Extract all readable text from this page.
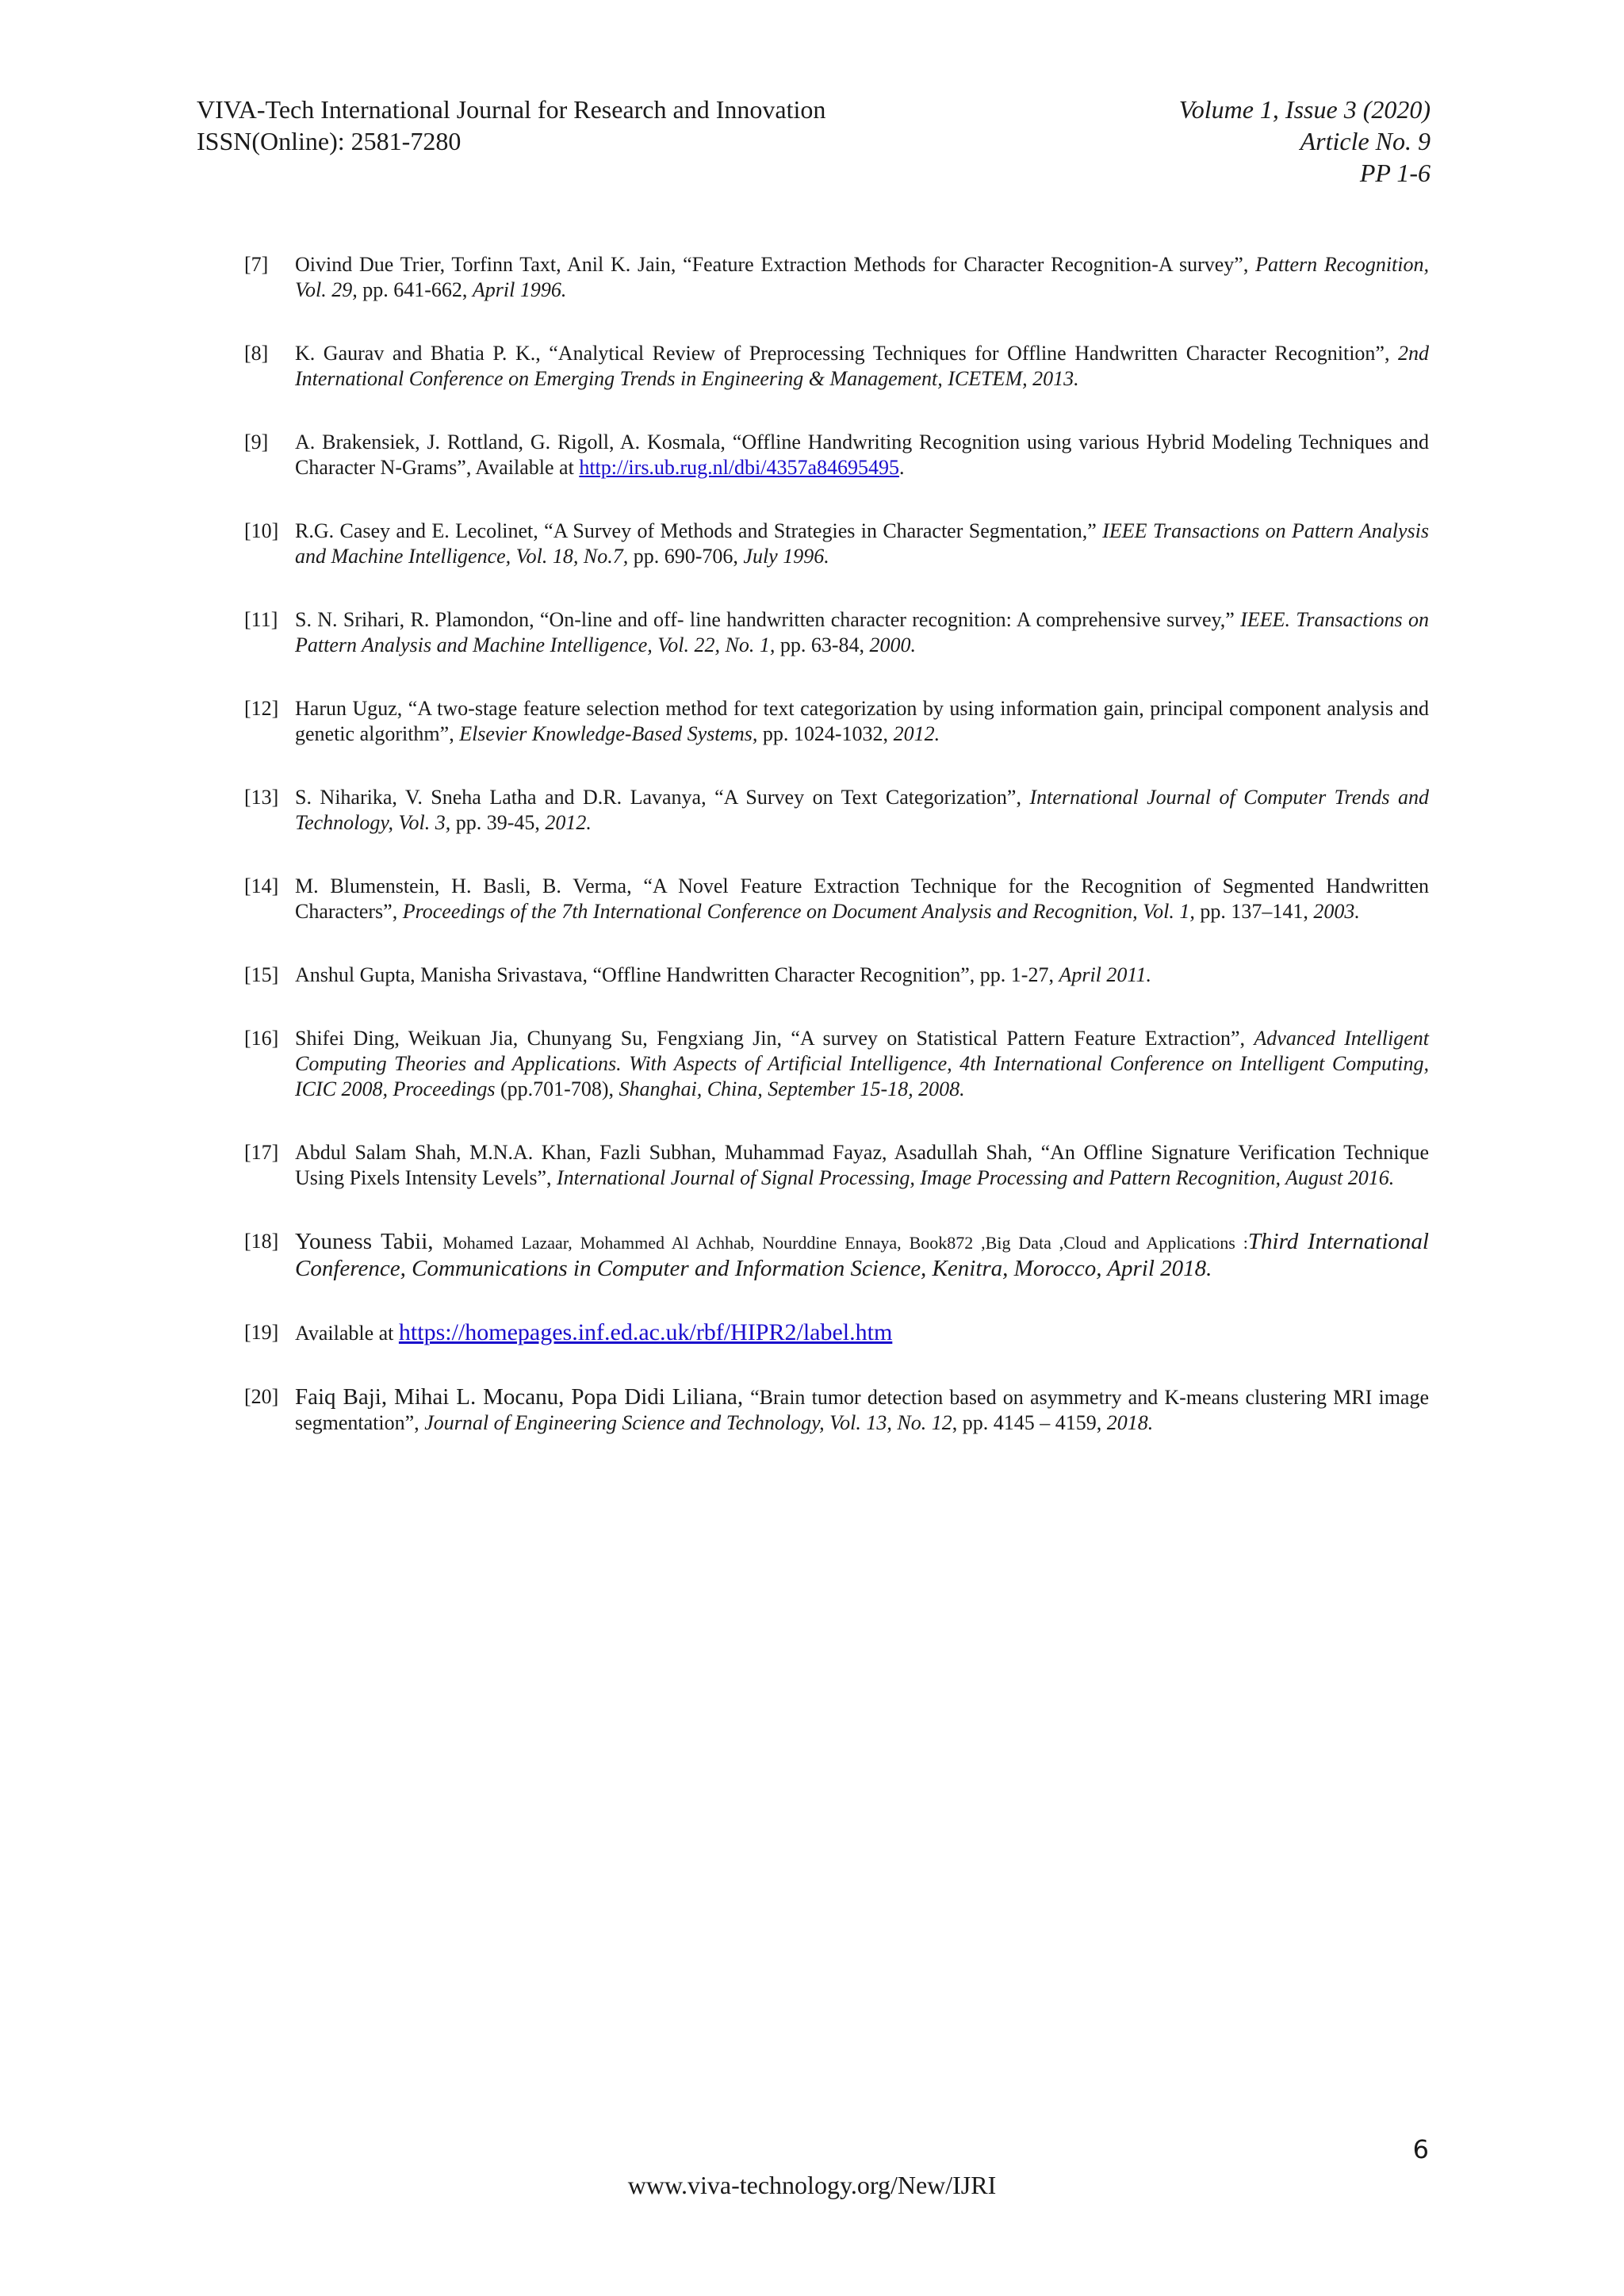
VIVA-Tech International Journal for Research and Innovation
ISSN(Online): 2581-7280
Volume 1, Issue 3 (2020)
Article No. 9
PP 1-6
[7] Oivind Due Trier, Torfinn Taxt, Anil K. Jain, “Feature Extraction Methods for Character Recognition-A survey”, Pattern Recognition, Vol. 29, pp. 641-662, April 1996.
[8] K. Gaurav and Bhatia P. K., “Analytical Review of Preprocessing Techniques for Offline Handwritten Character Recognition”, 2nd International Conference on Emerging Trends in Engineering & Management, ICETEM, 2013.
[9] A. Brakensiek, J. Rottland, G. Rigoll, A. Kosmala, “Offline Handwriting Recognition using various Hybrid Modeling Techniques and Character N-Grams”, Available at http://irs.ub.rug.nl/dbi/4357a84695495.
[10] R.G. Casey and E. Lecolinet, “A Survey of Methods and Strategies in Character Segmentation,” IEEE Transactions on Pattern Analysis and Machine Intelligence, Vol. 18, No.7, pp. 690-706, July 1996.
[11] S. N. Srihari, R. Plamondon, “On-line and off- line handwritten character recognition: A comprehensive survey,” IEEE. Transactions on Pattern Analysis and Machine Intelligence, Vol. 22, No. 1, pp. 63-84, 2000.
[12] Harun Uguz, “A two-stage feature selection method for text categorization by using information gain, principal component analysis and genetic algorithm”, Elsevier Knowledge-Based Systems, pp. 1024-1032, 2012.
[13] S. Niharika, V. Sneha Latha and D.R. Lavanya, “A Survey on Text Categorization”, International Journal of Computer Trends and Technology, Vol. 3, pp. 39-45, 2012.
[14] M. Blumenstein, H. Basli, B. Verma, “A Novel Feature Extraction Technique for the Recognition of Segmented Handwritten Characters”, Proceedings of the 7th International Conference on Document Analysis and Recognition, Vol. 1, pp. 137–141, 2003.
[15] Anshul Gupta, Manisha Srivastava, “Offline Handwritten Character Recognition”, pp. 1-27, April 2011.
[16] Shifei Ding, Weikuan Jia, Chunyang Su, Fengxiang Jin, “A survey on Statistical Pattern Feature Extraction”, Advanced Intelligent Computing Theories and Applications. With Aspects of Artificial Intelligence, 4th International Conference on Intelligent Computing, ICIC 2008, Proceedings (pp.701-708), Shanghai, China, September 15-18, 2008.
[17] Abdul Salam Shah, M.N.A. Khan, Fazli Subhan, Muhammad Fayaz, Asadullah Shah, “An Offline Signature Verification Technique Using Pixels Intensity Levels”, International Journal of Signal Processing, Image Processing and Pattern Recognition, August 2016.
[18] Youness Tabii, Mohamed Lazaar, Mohammed Al Achhab, Nourddine Ennaya, Book872 ,Big Data ,Cloud and Applications :Third International Conference, Communications in Computer and Information Science, Kenitra, Morocco, April 2018.
[19] Available at https://homepages.inf.ed.ac.uk/rbf/HIPR2/label.htm
[20] Faiq Baji, Mihai L. Mocanu, Popa Didi Liliana, “Brain tumor detection based on asymmetry and K-means clustering MRI image segmentation”, Journal of Engineering Science and Technology, Vol. 13, No. 12, pp. 4145 – 4159, 2018.
6
www.viva-technology.org/New/IJRI
